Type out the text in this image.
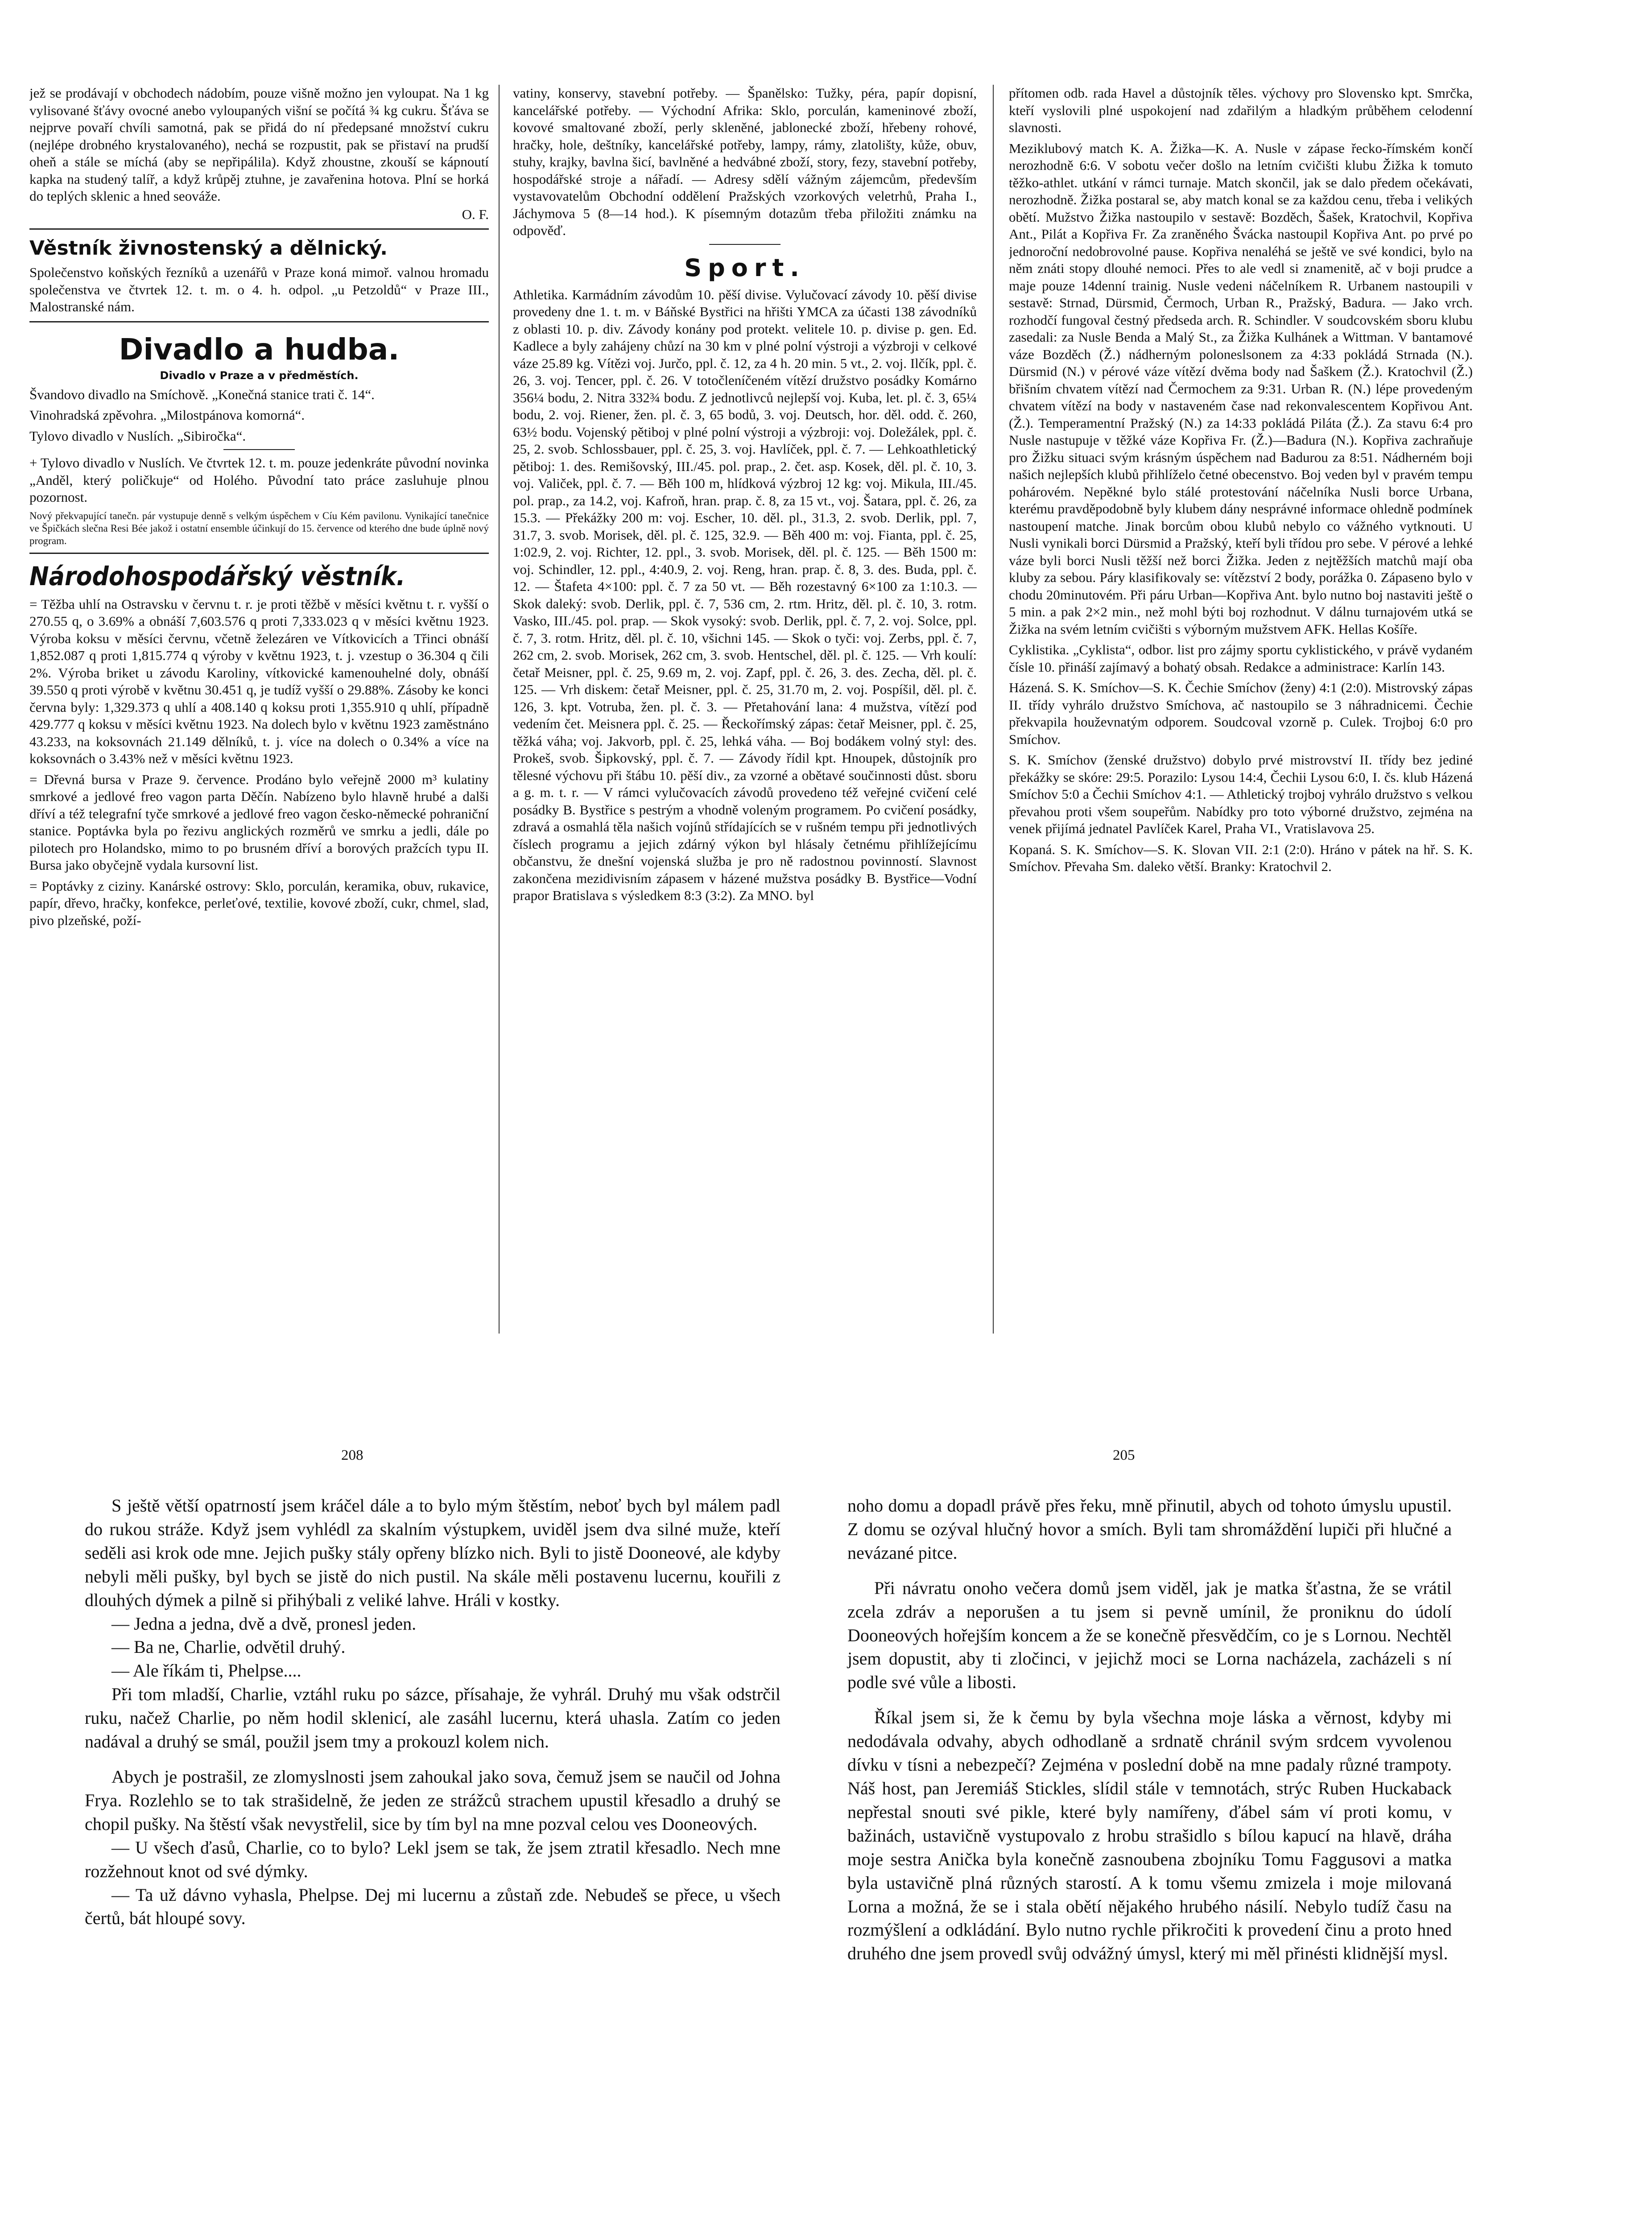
jež se prodávají v obchodech nádobím, pouze višně možno jen vyloupat. Na 1 kg vylisované šťávy ovocné anebo vyloupaných višní se počítá ¾ kg cukru. Šťáva se nejprve povaří chvíli samotná, pak se přidá do ní předepsané množství cukru (nejlépe drobného krystalovaného), nechá se rozpustit, pak se přistaví na prudší oheň a stále se míchá (aby se nepřipálila). Když zhoustne, zkouší se kápnoutí kapka na studený talíř, a když krůpěj ztuhne, je zavařenina hotova. Plní se horká do teplých sklenic a hned seováže.

O. F.

Věstník živnostenský a dělnický.

Společenstvo koňských řezníků a uzenářů v Praze koná mimoř. valnou hromadu společenstva ve čtvrtek 12. t. m. o 4. h. odpol. „u Petzoldů“ v Praze III., Malostranské nám.

Divadlo a hudba.
Divadlo v Praze a v předměstích.

Švandovo divadlo na Smíchově. „Konečná stanice trati č. 14“.

Vinohradská zpěvohra. „Milostpánova komorná“.

Tylovo divadlo v Nuslích. „Sibiročka“.

+ Tylovo divadlo v Nuslích. Ve čtvrtek 12. t. m. pouze jedenkráte původní novinka „Anděl, který poličkuje“ od Holého. Původní tato práce zasluhuje plnou pozornost.

Nový překvapující tanečn. pár vystupuje denně s velkým úspěchem v Cíu Kém pavilonu. Vynikající tanečnice ve Špičkách slečna Resi Bée jakož i ostatní ensemble účinkují do 15. července od kterého dne bude úplně nový program.

Národohospodářský věstník.

= Těžba uhlí na Ostravsku v červnu t. r. je proti těžbě v měsíci květnu t. r. vyšší o 270.55 q, o 3.69% a obnáší 7,603.576 q proti 7,333.023 q v měsíci květnu 1923. Výroba koksu v měsíci červnu, včetně železáren ve Vítkovicích a Třinci obnáší 1,852.087 q proti 1,815.774 q výroby v květnu 1923, t. j. vzestup o 36.304 q čili 2%. Výroba briket u závodu Karoliny, vítkovické kamenouhelné doly, obnáší 39.550 q proti výrobě v květnu 30.451 q, je tudíž vyšší o 29.88%. Zásoby ke konci června byly: 1,329.373 q uhlí a 408.140 q koksu proti 1,355.910 q uhlí, případně 429.777 q koksu v měsíci květnu 1923. Na dolech bylo v květnu 1923 zaměstnáno 43.233, na koksovnách 21.149 dělníků, t. j. více na dolech o 0.34% a více na koksovnách o 3.43% než v měsíci květnu 1923.

= Dřevná bursa v Praze 9. července. Prodáno bylo veřejně 2000 m³ kulatiny smrkové a jedlové freo vagon parta Děčín. Nabízeno bylo hlavně hrubé a dalši dříví a též telegrafní tyče smrkové a jedlové freo vagon česko-německé pohraniční stanice. Poptávka byla po řezivu anglických rozměrů ve smrku a jedli, dále po pilotech pro Holandsko, mimo to po brusném dříví a borových pražcích typu II. Bursa jako obyčejně vydala kursovní list.

= Poptávky z ciziny. Kanárské ostrovy: Sklo, porculán, keramika, obuv, rukavice, papír, dřevo, hračky, konfekce, perleťové, textilie, kovové zboží, cukr, chmel, slad, pivo plzeňské, poží-

vatiny, konservy, stavební potřeby. — Španělsko: Tužky, péra, papír dopisní, kancelářské potřeby. — Východní Afrika: Sklo, porculán, kameninové zboží, kovové smaltované zboží, perly skleněné, jablonecké zboží, hřebeny rohové, hračky, hole, deštníky, kancelářské potřeby, lampy, rámy, zlatolišty, kůže, obuv, stuhy, krajky, bavlna šicí, bavlněné a hedvábné zboží, story, fezy, stavební potřeby, hospodářské stroje a nářadí. — Adresy sdělí vážným zájemcům, především vystavovatelům Obchodní oddělení Pražských vzorkových veletrhů, Praha I., Jáchymova 5 (8—14 hod.). K písemným dotazům třeba přiložiti známku na odpověď.

Sport.

Athletika. Karmádním závodům 10. pěší divise. Vylučovací závody 10. pěší divise provedeny dne 1. t. m. v Báňské Bystřici na hřišti YMCA za účasti 138 závodníků z oblasti 10. p. div. Závody konány pod protekt. velitele 10. p. divise p. gen. Ed. Kadlece a byly zahájeny chůzí na 30 km v plné polní výstroji a výzbroji v celkové váze 25.89 kg. Vítězi voj. Jurčo, ppl. č. 12, za 4 h. 20 min. 5 vt., 2. voj. Ilčík, ppl. č. 26, 3. voj. Tencer, ppl. č. 26. V totočleníčeném vítězí družstvo posádky Komárno 356¼ bodu, 2. Nitra 332¾ bodu. Z jednotlivců nejlepší voj. Kuba, let. pl. č. 3, 65¼ bodu, 2. voj. Riener, žen. pl. č. 3, 65 bodů, 3. voj. Deutsch, hor. děl. odd. č. 260, 63½ bodu. Vojenský pětiboj v plné polní výstroji a výzbroji: voj. Doležálek, ppl. č. 25, 2. svob. Schlossbauer, ppl. č. 25, 3. voj. Havlíček, ppl. č. 7. — Lehkoathletický pětiboj: 1. des. Remišovský, III./45. pol. prap., 2. čet. asp. Kosek, děl. pl. č. 10, 3. voj. Valiček, ppl. č. 7. — Běh 100 m, hlídková výzbroj 12 kg: voj. Mikula, III./45. pol. prap., za 14.2, voj. Kafroň, hran. prap. č. 8, za 15 vt., voj. Šatara, ppl. č. 26, za 15.3. — Překážky 200 m: voj. Escher, 10. děl. pl., 31.3, 2. svob. Derlik, ppl. 7, 31.7, 3. svob. Morisek, děl. pl. č. 125, 32.9. — Běh 400 m: voj. Fianta, ppl. č. 25, 1:02.9, 2. voj. Richter, 12. ppl., 3. svob. Morisek, děl. pl. č. 125. — Běh 1500 m: voj. Schindler, 12. ppl., 4:40.9, 2. voj. Reng, hran. prap. č. 8, 3. des. Buda, ppl. č. 12. — Štafeta 4×100: ppl. č. 7 za 50 vt. — Běh rozestavný 6×100 za 1:10.3. — Skok daleký: svob. Derlik, ppl. č. 7, 536 cm, 2. rtm. Hritz, děl. pl. č. 10, 3. rotm. Vasko, III./45. pol. prap. — Skok vysoký: svob. Derlik, ppl. č. 7, 2. voj. Solce, ppl. č. 7, 3. rotm. Hritz, děl. pl. č. 10, všichni 145. — Skok o tyči: voj. Zerbs, ppl. č. 7, 262 cm, 2. svob. Morisek, 262 cm, 3. svob. Hentschel, děl. pl. č. 125. — Vrh koulí: četař Meisner, ppl. č. 25, 9.69 m, 2. voj. Zapf, ppl. č. 26, 3. des. Zecha, děl. pl. č. 125. — Vrh diskem: četař Meisner, ppl. č. 25, 31.70 m, 2. voj. Pospíšil, děl. pl. č. 126, 3. kpt. Votruba, žen. pl. č. 3. — Přetahování lana: 4 mužstva, vítězí pod vedením čet. Meisnera ppl. č. 25. — Řeckořímský zápas: četař Meisner, ppl. č. 25, těžká váha; voj. Jakvorb, ppl. č. 25, lehká váha. — Boj bodákem volný styl: des. Prokeš, svob. Šipkovský, ppl. č. 7. — Závody řídil kpt. Hnoupek, důstojník pro tělesné výchovu při štábu 10. pěší div., za vzorné a obětavé součinnosti důst. sboru a g. m. t. r. — V rámci vylučovacích závodů provedeno též veřejné cvičení celé posádky B. Bystřice s pestrým a vhodně voleným programem. Po cvičení posádky, zdravá a osmahlá těla našich vojínů střídajících se v rušném tempu při jednotlivých číslech programu a jejich zdárný výkon byl hlásaly četnému přihlížejícímu občanstvu, že dnešní vojenská služba je pro ně radostnou povinností. Slavnost zakončena mezidivisním zápasem v házené mužstva posádky B. Bystřice—Vodní prapor Bratislava s výsledkem 8:3 (3:2). Za MNO. byl

přítomen odb. rada Havel a důstojník těles. výchovy pro Slovensko kpt. Smrčka, kteří vyslovili plné uspokojení nad zdařilým a hladkým průběhem celodenní slavnosti.

Meziklubový match K. A. Žižka—K. A. Nusle v zápase řecko-římském končí nerozhodně 6:6. V sobotu večer došlo na letním cvičišti klubu Žižka k tomuto těžko-athlet. utkání v rámci turnaje. Match skončil, jak se dalo předem očekávati, nerozhodně. Žižka postaral se, aby match konal se za každou cenu, třeba i velikých obětí. Mužstvo Žižka nastoupilo v sestavě: Bozděch, Šašek, Kratochvil, Kopřiva Ant., Pilát a Kopřiva Fr. Za zraněného Švácka nastoupil Kopřiva Ant. po prvé po jednoroční nedobrovolné pause. Kopřiva nenaléhá se ještě ve své kondici, bylo na něm znáti stopy dlouhé nemoci. Přes to ale vedl si znamenitě, ač v boji prudce a maje pouze 14denní trainig. Nusle vedeni náčelníkem R. Urbanem nastoupili v sestavě: Strnad, Dürsmid, Čermoch, Urban R., Pražský, Badura. — Jako vrch. rozhodčí fungoval čestný předseda arch. R. Schindler. V soudcovském sboru klubu zasedali: za Nusle Benda a Malý St., za Žižka Kulhánek a Wittman. V bantamové váze Bozděch (Ž.) nádherným poloneslsonem za 4:33 pokládá Strnada (N.). Dürsmid (N.) v pérové váze vítězí dvěma body nad Šaškem (Ž.). Kratochvil (Ž.) břišním chvatem vítězí nad Čermochem za 9:31. Urban R. (N.) lépe provedeným chvatem vítězí na body v nastaveném čase nad rekonvalescentem Kopřivou Ant. (Ž.). Temperamentní Pražský (N.) za 14:33 pokládá Piláta (Ž.). Za stavu 6:4 pro Nusle nastupuje v těžké váze Kopřiva Fr. (Ž.)—Badura (N.). Kopřiva zachraňuje pro Žižku situaci svým krásným úspěchem nad Badurou za 8:51. Nádherném boji našich nejlepších klubů přihlíželo četné obecenstvo. Boj veden byl v pravém tempu pohárovém. Nepěkné bylo stálé protestování náčelníka Nusli borce Urbana, kterému pravděpodobně byly klubem dány nesprávné informace ohledně podmínek nastoupení matche. Jinak borcům obou klubů nebylo co vážného vytknouti. U Nusli vynikali borci Dürsmid a Pražský, kteří byli třídou pro sebe. V pérové a lehké váze byli borci Nusli těžší než borci Žižka. Jeden z nejtěžších matchů mají oba kluby za sebou. Páry klasifikovaly se: vítězství 2 body, porážka 0. Zápaseno bylo v chodu 20minutovém. Při páru Urban—Kopřiva Ant. bylo nutno boj nastaviti ještě o 5 min. a pak 2×2 min., než mohl býti boj rozhodnut. V dálnu turnajovém utká se Žižka na svém letním cvičišti s výborným mužstvem AFK. Hellas Košíře.

Cyklistika. „Cyklista“, odbor. list pro zájmy sportu cyklistického, v právě vydaném čísle 10. přináší zajímavý a bohatý obsah. Redakce a administrace: Karlín 143.

Házená. S. K. Smíchov—S. K. Čechie Smíchov (ženy) 4:1 (2:0). Mistrovský zápas II. třídy vyhrálo družstvo Smíchova, ač nastoupilo se 3 náhradnicemi. Čechie překvapila houževnatým odporem. Soudcoval vzorně p. Culek. Trojboj 6:0 pro Smíchov.

S. K. Smíchov (ženské družstvo) dobylo prvé mistrovství II. třídy bez jediné překážky se skóre: 29:5. Porazilo: Lysou 14:4, Čechii Lysou 6:0, I. čs. klub Házená Smíchov 5:0 a Čechii Smíchov 4:1. — Athletický trojboj vyhrálo družstvo s velkou převahou proti všem soupeřům. Nabídky pro toto výborné družstvo, zejména na venek přijímá jednatel Pavlíček Karel, Praha VI., Vratislavova 25.

Kopaná. S. K. Smíchov—S. K. Slovan VII. 2:1 (2:0). Hráno v pátek na hř. S. K. Smíchov. Převaha Sm. daleko větší. Branky: Kratochvil 2.

208	205

S ještě větší opatrností jsem kráčel dále a to bylo mým štěstím, neboť bych byl málem padl do rukou stráže. Když jsem vyhlédl za skalním výstupkem, uviděl jsem dva silné muže, kteří seděli asi krok ode mne. Jejich pušky stály opřeny blízko nich. Byli to jistě Dooneové, ale kdyby nebyli měli pušky, byl bych se jistě do nich pustil. Na skále měli postavenu lucernu, kouřili z dlouhých dýmek a pilně si přihýbali z veliké lahve. Hráli v kostky.

— Jedna a jedna, dvě a dvě, pronesl jeden.

— Ba ne, Charlie, odvětil druhý.

— Ale říkám ti, Phelpse....

Při tom mladší, Charlie, vztáhl ruku po sázce, přísahaje, že vyhrál. Druhý mu však odstrčil ruku, načež Charlie, po něm hodil sklenicí, ale zasáhl lucernu, která uhasla. Zatím co jeden nadával a druhý se smál, použil jsem tmy a prokouzl kolem nich.

Abych je postrašil, ze zlomyslnosti jsem zahoukal jako sova, čemuž jsem se naučil od Johna Frya. Rozlehlo se to tak strašidelně, že jeden ze strážců strachem upustil křesadlo a druhý se chopil pušky. Na štěstí však nevystřelil, sice by tím byl na mne pozval celou ves Dooneových.

— U všech ďasů, Charlie, co to bylo? Lekl jsem se tak, že jsem ztratil křesadlo. Nech mne rozžehnout knot od své dýmky.

— Ta už dávno vyhasla, Phelpse. Dej mi lucernu a zůstaň zde. Nebudeš se přece, u všech čertů, bát hloupé sovy.

noho domu a dopadl právě přes řeku, mně přinutil, abych od tohoto úmyslu upustil. Z domu se ozýval hlučný hovor a smích. Byli tam shromáždění lupiči při hlučné a nevázané pitce.

Při návratu onoho večera domů jsem viděl, jak je matka šťastna, že se vrátil zcela zdráv a neporušen a tu jsem si pevně umínil, že proniknu do údolí Dooneových hořejším koncem a že se konečně přesvědčím, co je s Lornou. Nechtěl jsem dopustit, aby ti zločinci, v jejichž moci se Lorna nacházela, zacházeli s ní podle své vůle a libosti.

Říkal jsem si, že k čemu by byla všechna moje láska a věrnost, kdyby mi nedodávala odvahy, abych odhodlaně a srdnatě chránil svým srdcem vyvolenou dívku v tísni a nebezpečí? Zejména v poslední době na mne padaly různé trampoty. Náš host, pan Jeremiáš Stickles, slídil stále v temnotách, strýc Ruben Huckaback nepřestal snouti své pikle, které byly namířeny, ďábel sám ví proti komu, v bažinách, ustavičně vystupovalo z hrobu strašidlo s bílou kapucí na hlavě, dráha moje sestra Anička byla konečně zasnoubena zbojníku Tomu Faggusovi a matka byla ustavičně plná různých starostí. A k tomu všemu zmizela i moje milovaná Lorna a možná, že se i stala obětí nějakého hrubého násilí. Nebylo tudíž času na rozmýšlení a odkládání. Bylo nutno rychle přikročiti k provedení činu a proto hned druhého dne jsem provedl svůj odvážný úmysl, který mi měl přinésti klidnější mysl.
